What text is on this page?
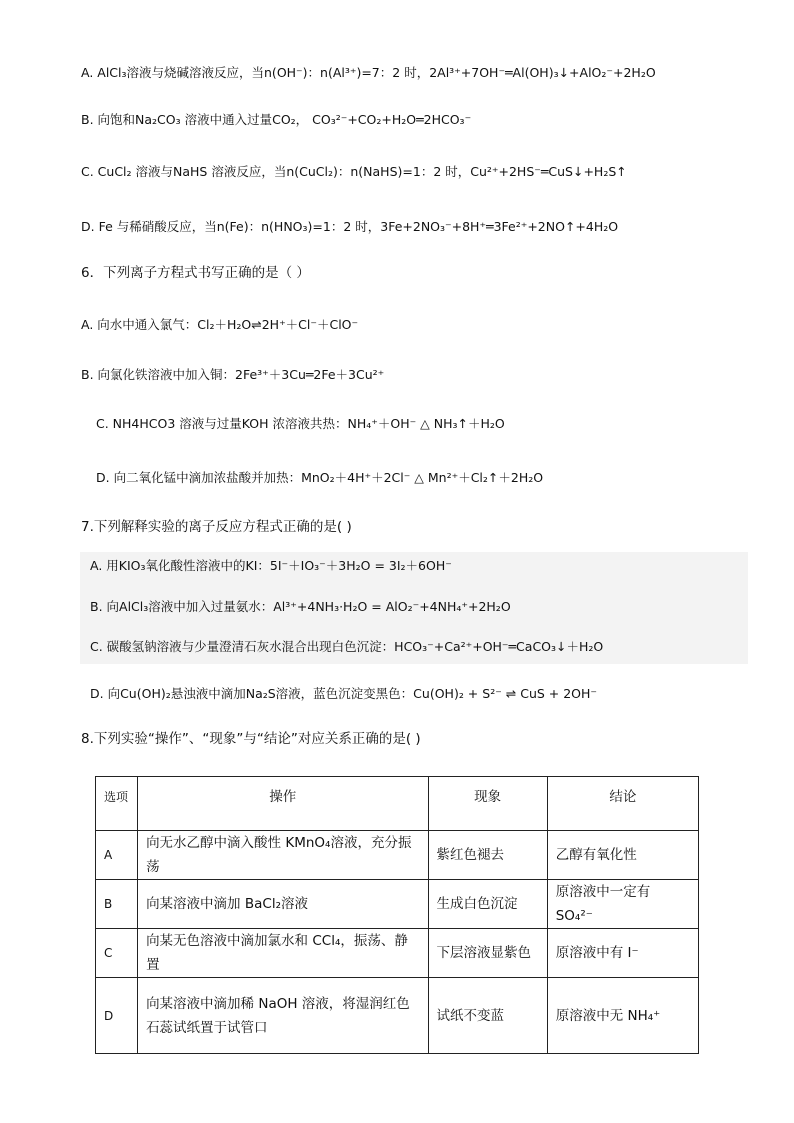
A. AlCl₃溶液与烧碱溶液反应，当n(OH⁻)：n(Al³⁺)=7：2 时，2Al³⁺+7OH⁻═Al(OH)₃↓+AlO₂⁻+2H₂O
B. 向饱和Na₂CO₃ 溶液中通入过量CO₂， CO₃²⁻+CO₂+H₂O═2HCO₃⁻
C. CuCl₂ 溶液与NaHS 溶液反应，当n(CuCl₂)：n(NaHS)=1：2 时，Cu²⁺+2HS⁻═CuS↓+H₂S↑
D. Fe 与稀硝酸反应，当n(Fe)：n(HNO₃)=1：2 时，3Fe+2NO₃⁻+8H⁺═3Fe²⁺+2NO↑+4H₂O
6．下列离子方程式书写正确的是（ ）
A. 向水中通入氯气：Cl₂＋H₂O⇌2H⁺＋Cl⁻＋ClO⁻
B. 向氯化铁溶液中加入铜：2Fe³⁺＋3Cu═2Fe＋3Cu²⁺
C. NH4HCO3 溶液与过量KOH 浓溶液共热：NH₄⁺＋OH⁻ △ NH₃↑＋H₂O
D. 向二氧化锰中滴加浓盐酸并加热：MnO₂＋4H⁺＋2Cl⁻ △ Mn²⁺＋Cl₂↑＋2H₂O
7.下列解释实验的离子反应方程式正确的是( )
A. 用KIO₃氧化酸性溶液中的KI：5I⁻＋IO₃⁻＋3H₂O = 3I₂＋6OH⁻
B. 向AlCl₃溶液中加入过量氨水：Al³⁺+4NH₃·H₂O = AlO₂⁻+4NH₄⁺+2H₂O
C. 碳酸氢钠溶液与少量澄清石灰水混合出现白色沉淀：HCO₃⁻+Ca²⁺+OH⁻═CaCO₃↓＋H₂O
D. 向Cu(OH)₂悬浊液中滴加Na₂S溶液，蓝色沉淀变黑色：Cu(OH)₂ + S²⁻ ⇌ CuS + 2OH⁻
8.下列实验“操作”、“现象”与“结论”对应关系正确的是( )
选项	操作	现象	结论
A	向无水乙醇中滴入酸性 KMnO₄溶液，充分振荡	紫红色褪去	乙醇有氧化性
B	向某溶液中滴加 BaCl₂溶液	生成白色沉淀	原溶液中一定有 SO₄²⁻
C	向某无色溶液中滴加氯水和 CCl₄，振荡、静置	下层溶液显紫色	原溶液中有 I⁻
D	向某溶液中滴加稀 NaOH 溶液，将湿润红色石蕊试纸置于试管口	试纸不变蓝	原溶液中无 NH₄⁺
